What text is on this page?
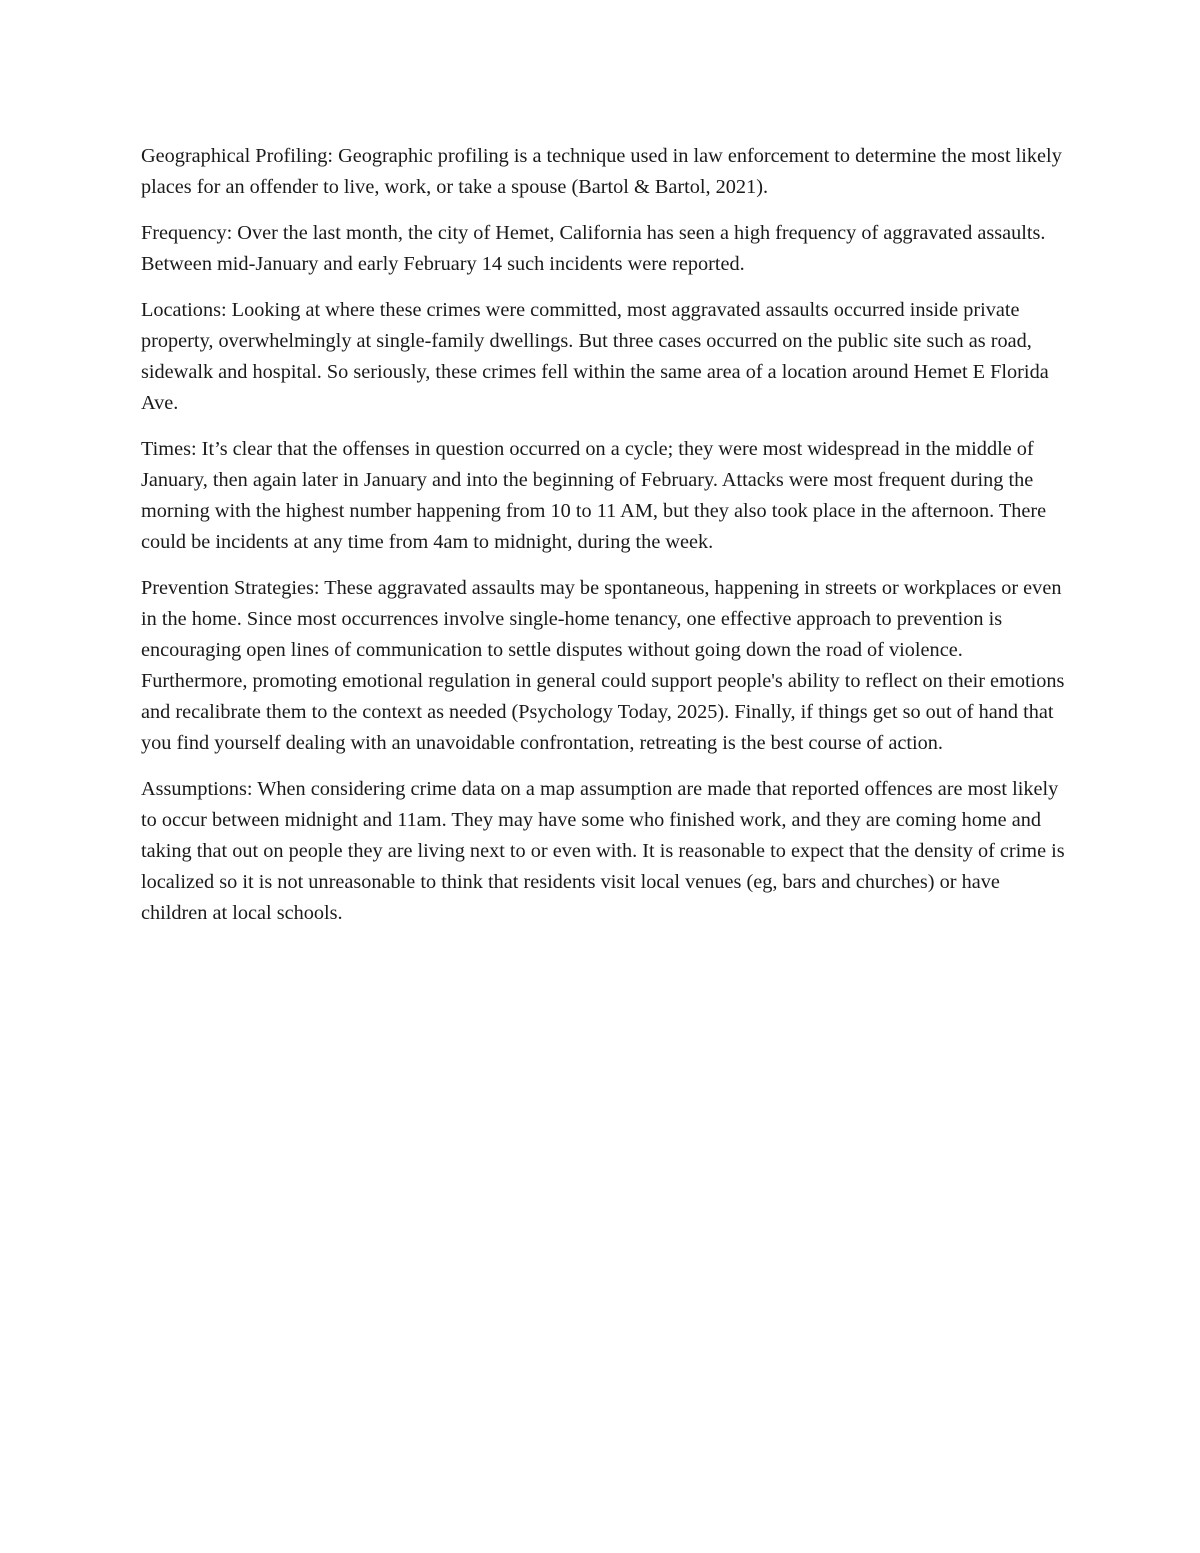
Geographical Profiling: Geographic profiling is a technique used in law enforcement to determine the most likely places for an offender to live, work, or take a spouse (Bartol & Bartol, 2021).

Frequency: Over the last month, the city of Hemet, California has seen a high frequency of aggravated assaults. Between mid-January and early February 14 such incidents were reported.

Locations: Looking at where these crimes were committed, most aggravated assaults occurred inside private property, overwhelmingly at single-family dwellings. But three cases occurred on the public site such as road, sidewalk and hospital. So seriously, these crimes fell within the same area of a location around Hemet E Florida Ave.

Times: It’s clear that the offenses in question occurred on a cycle; they were most widespread in the middle of January, then again later in January and into the beginning of February. Attacks were most frequent during the morning with the highest number happening from 10 to 11 AM, but they also took place in the afternoon. There could be incidents at any time from 4am to midnight, during the week.

Prevention Strategies: These aggravated assaults may be spontaneous, happening in streets or workplaces or even in the home. Since most occurrences involve single-home tenancy, one effective approach to prevention is encouraging open lines of communication to settle disputes without going down the road of violence. Furthermore, promoting emotional regulation in general could support people's ability to reflect on their emotions and recalibrate them to the context as needed (Psychology Today, 2025). Finally, if things get so out of hand that you find yourself dealing with an unavoidable confrontation, retreating is the best course of action.

Assumptions: When considering crime data on a map assumption are made that reported offences are most likely to occur between midnight and 11am. They may have some who finished work, and they are coming home and taking that out on people they are living next to or even with. It is reasonable to expect that the density of crime is localized so it is not unreasonable to think that residents visit local venues (eg, bars and churches) or have children at local schools.
